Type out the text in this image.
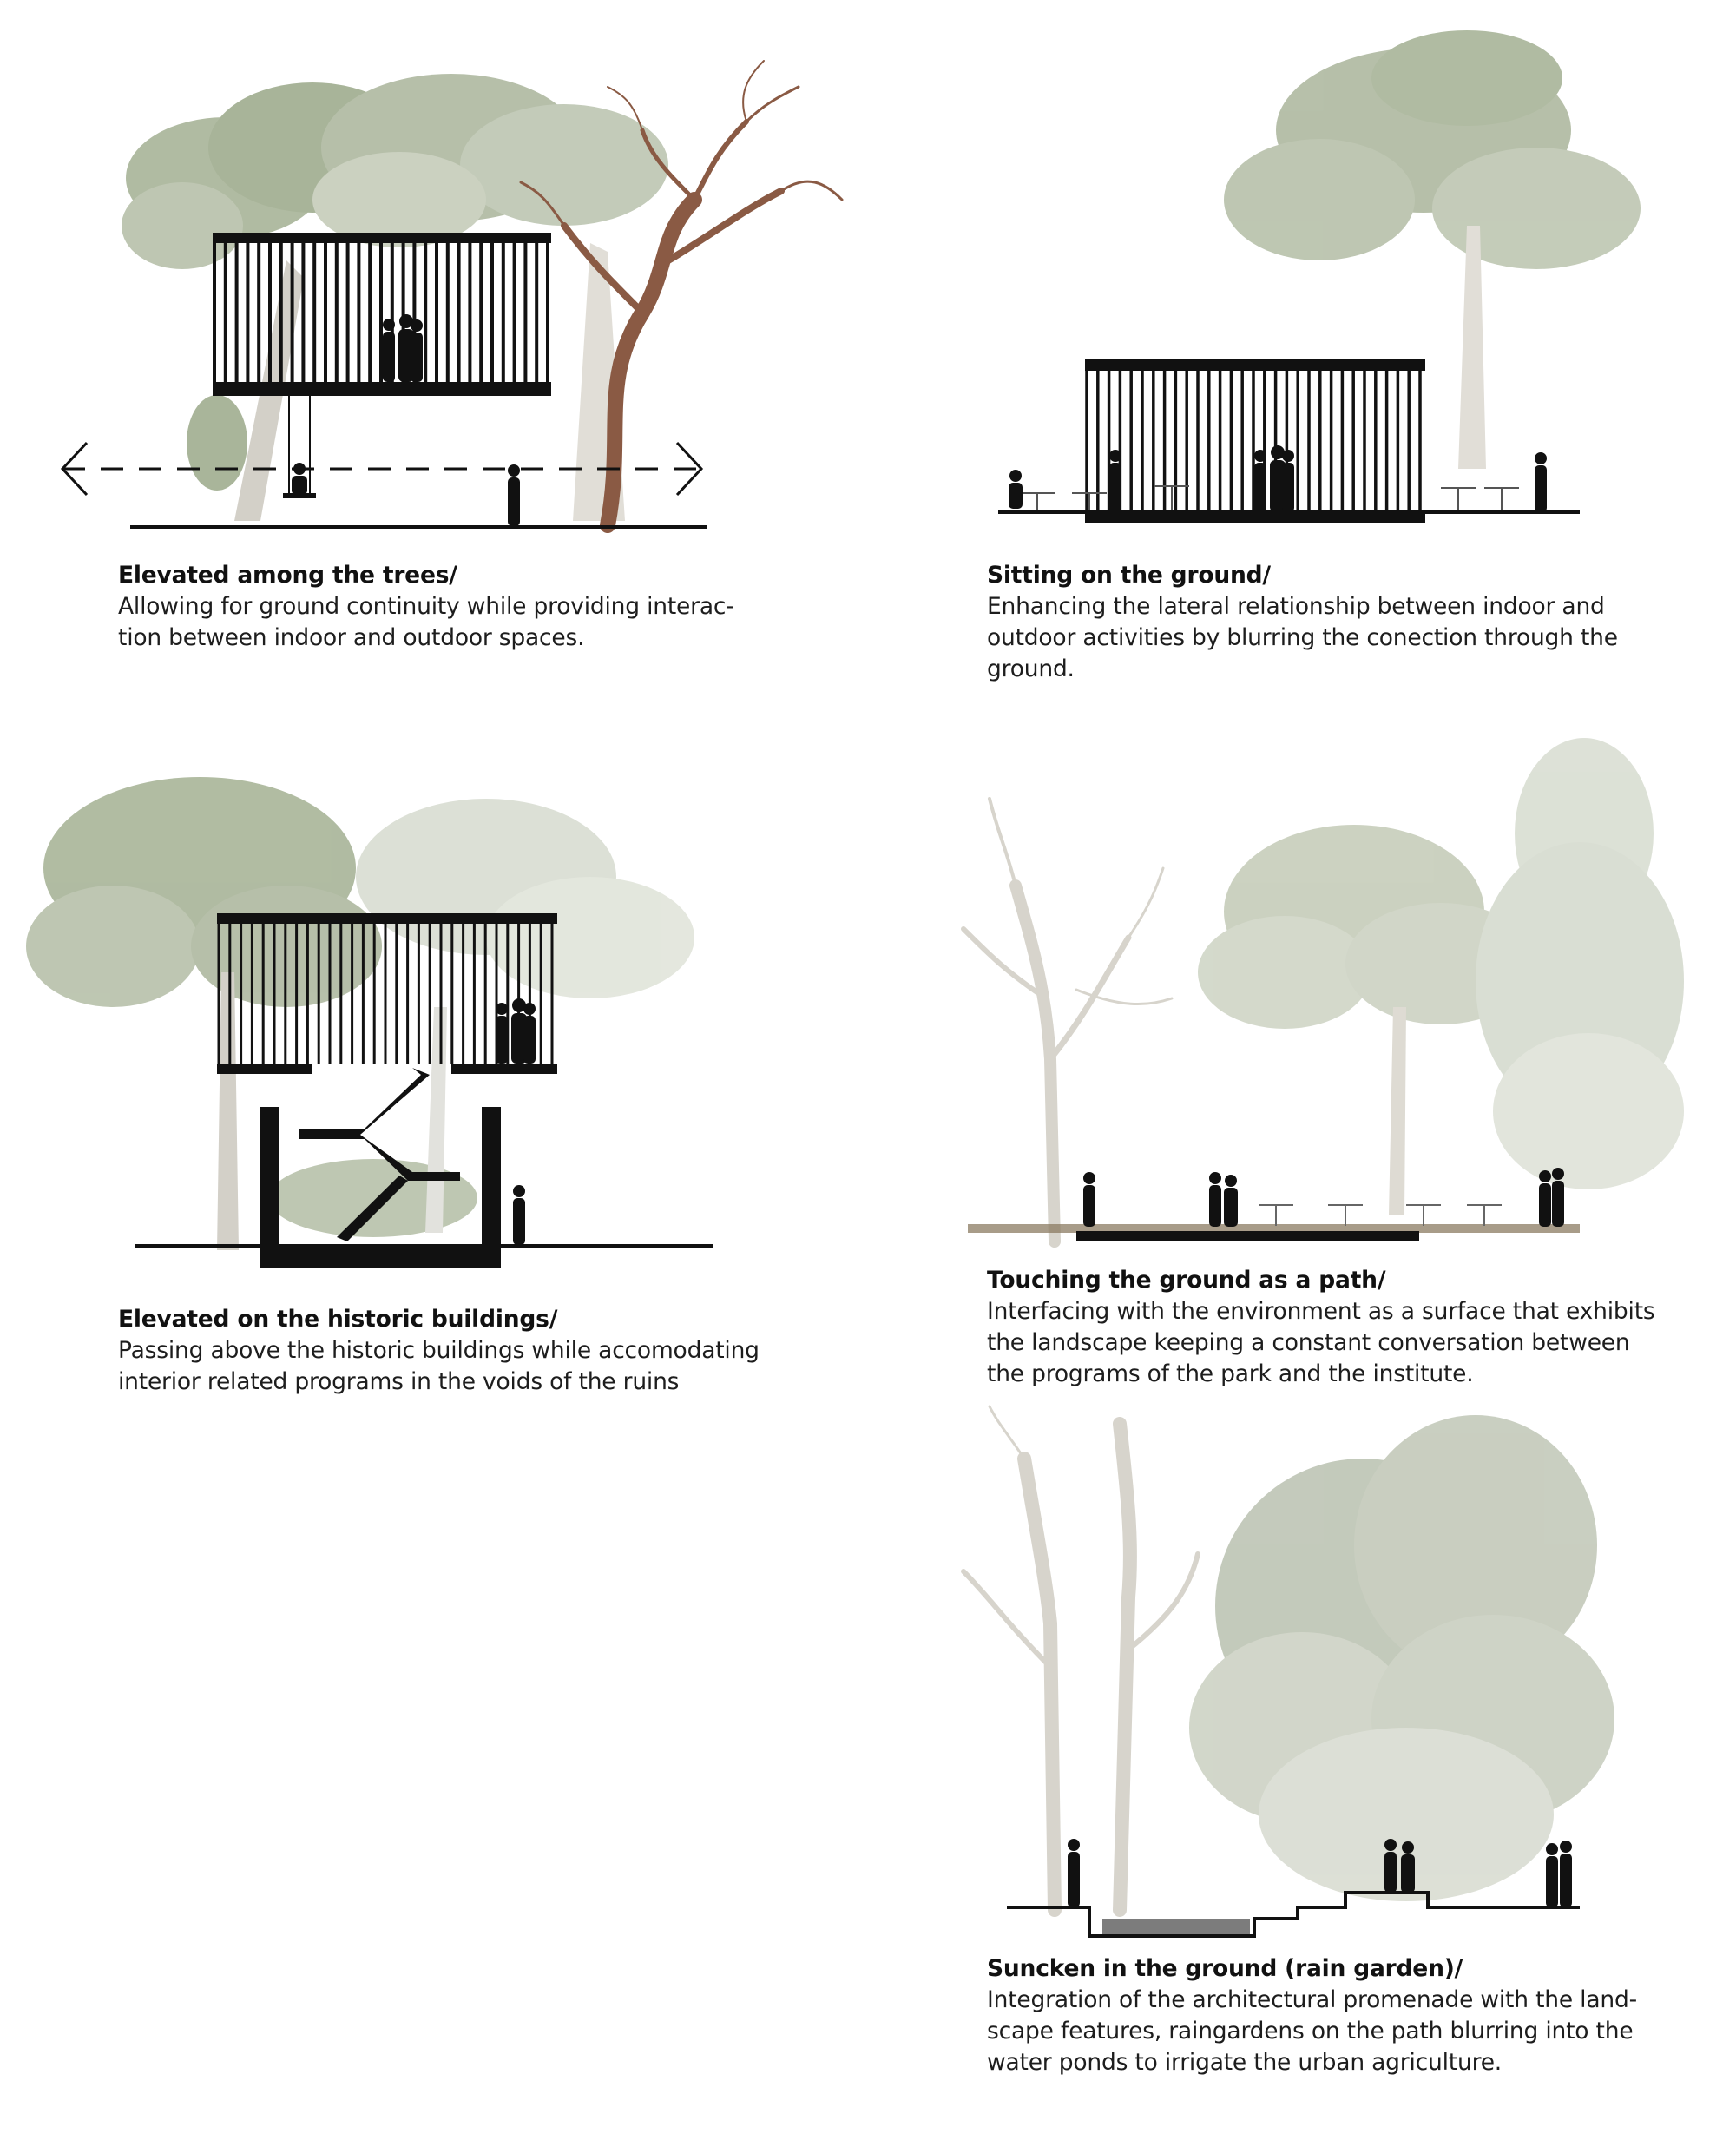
Elevated among the trees/
Allowing for ground continuity while providing interac-
tion between indoor and outdoor spaces.
Sitting on the ground/
Enhancing the lateral relationship between indoor and
outdoor activities by blurring the conection through the
ground.
Elevated on the historic buildings/
Passing above the historic buildings while accomodating
interior related programs in the voids of the ruins
Touching the ground as a path/
Interfacing with the environment as a surface that exhibits
the landscape keeping a constant conversation between
the programs of the park and the institute.
Suncken in the ground (rain garden)/
Integration of the architectural promenade with the land-
scape features, raingardens on the path blurring into the
water ponds to irrigate the urban agriculture.
